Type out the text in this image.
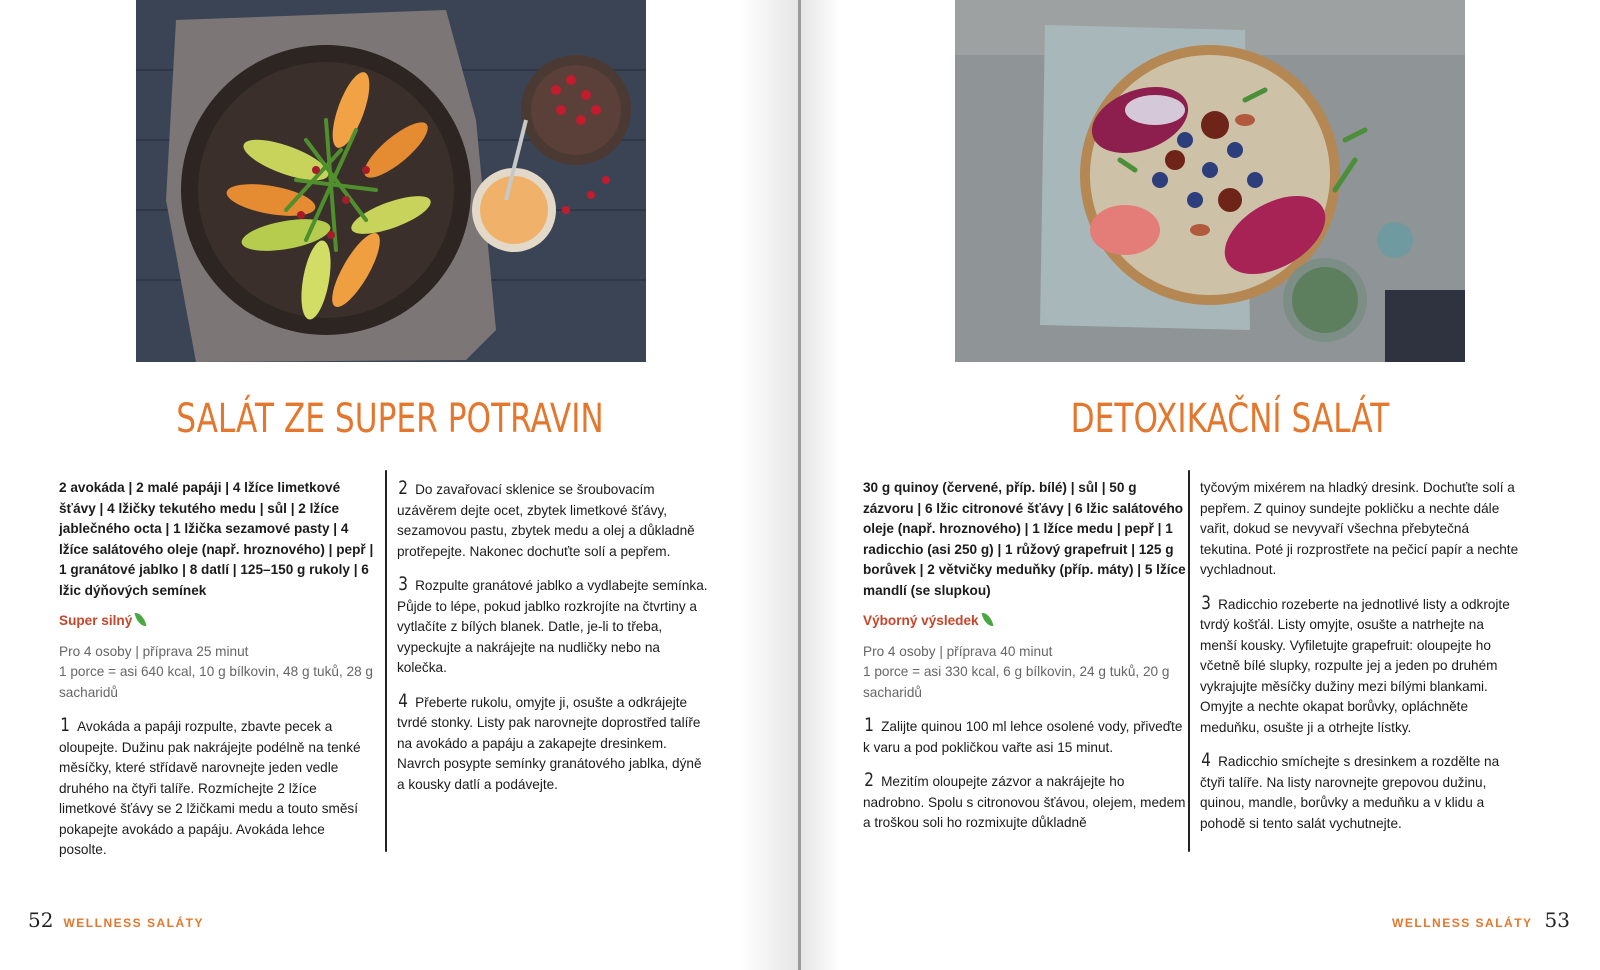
SALÁT ZE SUPER POTRAVIN

2 avokáda | 2 malé papáji | 4 lžíce limetkové šťávy | 4 lžičky tekutého medu | sůl | 2 lžíce jablečného octa | 1 lžička sezamové pasty | 4 lžíce salátového oleje (např. hroznového) | pepř | 1 granátové jablko | 8 datlí | 125–150 g rukoly | 6 lžic dýňových semínek

Super silný

Pro 4 osoby | příprava 25 minut

1 porce = asi 640 kcal, 10 g bílkovin, 48 g tuků, 28 g sacharidů

1 Avokáda a papáji rozpulte, zbavte pecek a oloupejte. Dužinu pak nakrájejte podélně na tenké měsíčky, které střídavě narovnejte jeden vedle druhého na čtyři talíře. Rozmíchejte 2 lžíce limetkové šťávy se 2 lžičkami medu a touto směsí pokapejte avokádo a papáju. Avokáda lehce posolte.

2 Do zavařovací sklenice se šroubovacím uzávěrem dejte ocet, zbytek limetkové šťávy, sezamovou pastu, zbytek medu a olej a důkladně protřepejte. Nakonec dochuťte solí a pepřem.

3 Rozpulte granátové jablko a vydlabejte semínka. Půjde to lépe, pokud jablko rozkrojíte na čtvrtiny a vytlačíte z bílých blanek. Datle, je-li to třeba, vypeckujte a nakrájejte na nudličky nebo na kolečka.

4 Přeberte rukolu, omyjte ji, osušte a odkrájejte tvrdé stonky. Listy pak narovnejte doprostřed talíře na avokádo a papáju a zakapejte dresinkem. Navrch posypte semínky granátového jablka, dýně a kousky datlí a podávejte.

52 WELLNESS SALÁTY
DETOXIKAČNÍ SALÁT

30 g quinoy (červené, příp. bílé) | sůl | 50 g zázvoru | 6 lžic citronové šťávy | 6 lžic salátového oleje (např. hroznového) | 1 lžíce medu | pepř | 1 radicchio (asi 250 g) | 1 růžový grapefruit | 125 g borůvek | 2 větvičky meduňky (příp. máty) | 5 lžíce mandlí (se slupkou)

Výborný výsledek

Pro 4 osoby | příprava 40 minut

1 porce = asi 330 kcal, 6 g bílkovin, 24 g tuků, 20 g sacharidů

1 Zalijte quinou 100 ml lehce osolené vody, přiveďte k varu a pod pokličkou vařte asi 15 minut.

2 Mezitím oloupejte zázvor a nakrájejte ho nadrobno. Spolu s citronovou šťávou, olejem, medem a troškou soli ho rozmixujte důkladně

tyčovým mixérem na hladký dresink. Dochuťte solí a pepřem. Z quinoy sundejte pokličku a nechte dále vařit, dokud se nevyvaří všechna přebytečná tekutina. Poté ji rozprostřete na pečicí papír a nechte vychladnout.

3 Radicchio rozeberte na jednotlivé listy a odkrojte tvrdý košťál. Listy omyjte, osušte a natrhejte na menší kousky. Vyfiletujte grapefruit: oloupejte ho včetně bílé slupky, rozpulte jej a jeden po druhém vykrajujte měsíčky dužiny mezi bílými blankami. Omyjte a nechte okapat borůvky, opláchněte meduňku, osušte ji a otrhejte lístky.

4 Radicchio smíchejte s dresinkem a rozdělte na čtyři talíře. Na listy narovnejte grepovou dužinu, quinou, mandle, borůvky a meduňku a v klidu a pohodě si tento salát vychutnejte.

WELLNESS SALÁTY 53
